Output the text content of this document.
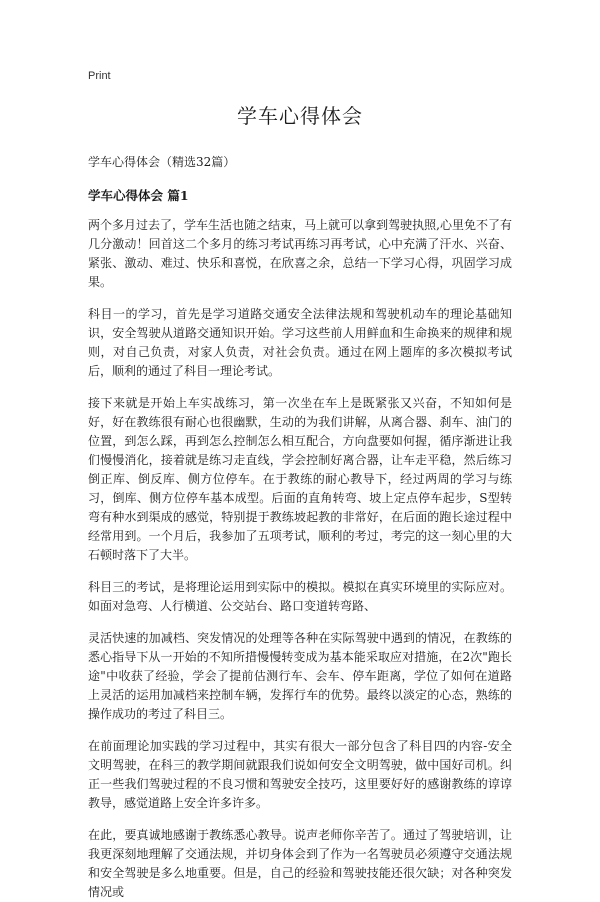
Print
学车心得体会

学车心得体会（精选32篇）

学车心得体会 篇1

两个多月过去了，学车生活也随之结束，马上就可以拿到驾驶执照,心里免不了有几分激动！回首这二个多月的练习考试再练习再考试，心中充满了汗水、兴奋、紧张、激动、难过、快乐和喜悦，在欣喜之余，总结一下学习心得，巩固学习成果。

科目一的学习，首先是学习道路交通安全法律法规和驾驶机动车的理论基础知识，安全驾驶从道路交通知识开始。学习这些前人用鲜血和生命换来的规律和规则，对自己负责，对家人负责，对社会负责。通过在网上题库的多次模拟考试后，顺利的通过了科目一理论考试。

接下来就是开始上车实战练习，第一次坐在车上是既紧张又兴奋，不知如何是好，好在教练很有耐心也很幽默，生动的为我们讲解，从离合器、刹车、油门的位置，到怎么踩，再到怎么控制怎么相互配合，方向盘要如何握，循序渐进让我们慢慢消化，接着就是练习走直线，学会控制好离合器，让车走平稳，然后练习倒正库、倒反库、侧方位停车。在于教练的耐心教导下，经过两周的学习与练习，倒库、侧方位停车基本成型。后面的直角转弯、坡上定点停车起步，S型转弯有种水到渠成的感觉，特别提于教练坡起教的非常好，在后面的跑长途过程中经常用到。一个月后，我参加了五项考试，顺利的考过，考完的这一刻心里的大石顿时落下了大半。

科目三的考试，是将理论运用到实际中的模拟。模拟在真实环境里的实际应对。如面对急弯、人行横道、公交站台、路口变道转弯路、

灵活快速的加减档、突发情况的处理等各种在实际驾驶中遇到的情况，在教练的悉心指导下从一开始的不知所措慢慢转变成为基本能采取应对措施，在2次"跑长途"中收获了经验，学会了提前估测行车、会车、停车距离，学位了如何在道路上灵活的运用加减档来控制车辆，发挥行车的优势。最终以淡定的心态，熟练的操作成功的考过了科目三。

在前面理论加实践的学习过程中，其实有很大一部分包含了科目四的内容-安全文明驾驶，在科三的教学期间就跟我们说如何安全文明驾驶，做中国好司机。纠正一些我们驾驶过程的不良习惯和驾驶安全技巧，这里要好好的感谢教练的谆谆教导，感觉道路上安全许多许多。

在此，要真诚地感谢于教练悉心教导。说声老师你辛苦了。通过了驾驶培训，让我更深刻地理解了交通法规，并切身体会到了作为一名驾驶员必须遵守交通法规和安全驾驶是多么地重要。但是，自己的经验和驾驶技能还很欠缺；对各种突发情况或
